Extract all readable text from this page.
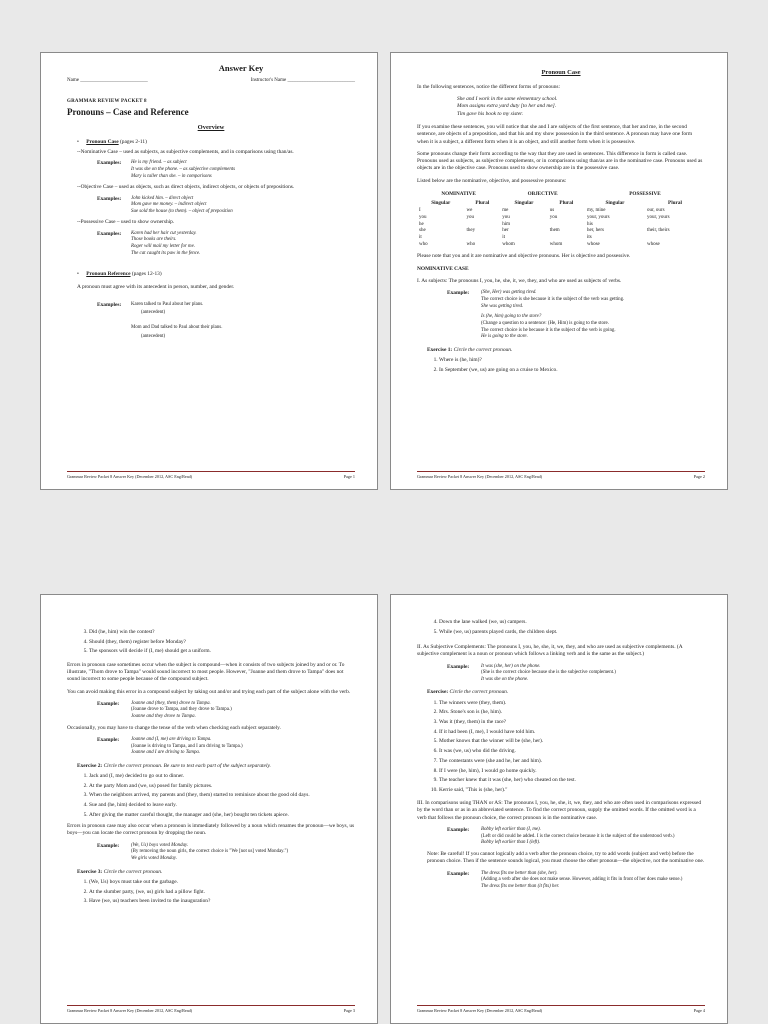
Answer Key
Name ___________________________	Instructor's Name ___________________________
GRAMMAR REVIEW PACKET 8
Pronouns – Case and Reference
Overview
• Pronoun Case (pages 2-11)
--Nominative Case – used as subjects, as subjective complements, and in comparisons using than/as.
Examples:	He is my friend. – as subject
It was she on the phone. – as subjective complements
Mary is taller than she. – in comparisons
--Objective Case – used as objects, such as direct objects, indirect objects, or objects of prepositions.
Examples:	John kicked him. – direct object
Mom gave me money. – indirect object
Sue sold the house (to them). – object of preposition
--Possessive Case – used to show ownership.
Examples:	Karen had her hair cut yesterday.
Those books are theirs.
Roger will mail my letter for me.
The cat caught its paw in the fence.
• Pronoun Reference (pages 12-13)

A pronoun must agree with its antecedent in person, number, and gender.

Examples:	Karen talked to Paul about her plans.
(antecedent)
Mom and Dad talked to Paul about their plans.
(antecedent)
Grammar Review Packet 8 Answer Key (December 2012, ASC Eng/Read)	Page 1
Pronoun Case

In the following sentences, notice the different forms of pronouns:

She and I work in the same elementary school.
Mom assigns extra yard duty [to her and me].
Tim gave his book to my sister.

If you examine these sentences, you will notice that she and I are subjects of the first sentence, that her and me, in the second sentence, are objects of a preposition, and that his and my show possession in the third sentence. A pronoun may have one form when it is a subject, a different form when it is an object, and still another form when it is possessive.

Some pronouns change their form according to the way that they are used in sentences. This difference in form is called case. Pronouns used as subjects, as subjective complements, or in comparisons using than/as are in the nominative case. Pronouns used as objects are in the objective case. Pronouns used to show ownership are in the possessive case.

Listed below are the nominative, objective, and possessive pronouns:

NOMINATIVE		OBJECTIVE		POSSESSIVE	
Singular	Plural	Singular	Plural	Singular	Plural
I	we	me	us	my, mine	our, ours
you	you	you	you	your, yours	your, yours
he		him		his	
she	they	her	them	her, hers	their, theirs
it		it		its	
who	who	whom	whom	whose	whose

Please note that you and it are nominative and objective pronouns. Her is objective and possessive.

NOMINATIVE CASE

I. As subjects: The pronouns I, you, he, she, it, we, they, and who are used as subjects of verbs.

Example:	(She, Her) was getting tired.
The correct choice is she because it is the subject of the verb was getting.
She was getting tired.
Is (he, him) going to the store?
(Change a question to a sentence: (He, Him) is going to the store.
The correct choice is he because it is the subject of the verb is going.
He is going to the store.
Exercise 1: Circle the correct pronoun.
1. Where is (he, him)?
2. In September (we, us) are going on a cruise to Mexico.
Grammar Review Packet 8 Answer Key (December 2012, ASC Eng/Read)	Page 2
3. Did (he, him) win the contest?
4. Should (they, them) register before Monday?
5. The sponsors will decide if (I, me) should get a uniform.

Errors in pronoun case sometimes occur when the subject is compound—when it consists of two subjects joined by and or or. To illustrate, "Thom drove to Tampa" would sound incorrect to most people. However, "Joanne and them drove to Tampa" does not sound incorrect to some people because of the compound subject.

You can avoid making this error in a compound subject by taking out and/or and trying each part of the subject alone with the verb.

Example:	Joanne and (they, them) drove to Tampa.
(Joanne drove to Tampa, and they drove to Tampa.)
Joanne and they drove to Tampa.

Occasionally, you may have to change the tense of the verb when checking each subject separately.

Example:	Joanne and (I, me) are driving to Tampa.
(Joanne is driving to Tampa, and I am driving to Tampa.)
Joanne and I are driving to Tampa.
Exercise 2: Circle the correct pronoun. Be sure to test each part of the subject separately.
1. Jack and (I, me) decided to go out to dinner.
2. At the party Mom and (we, us) posed for family pictures.
3. When the neighbors arrived, my parents and (they, them) started to reminisce about the good old days.
4. Sue and (he, him) decided to leave early.
5. After giving the matter careful thought, the manager and (she, her) bought ten tickets apiece.

Errors in pronoun case may also occur when a pronoun is immediately followed by a noun which renames the pronoun—we boys, us boys—you can locate the correct pronoun by dropping the noun.

Example:	(We, Us) boys voted Monday.
(By removing the noun girls, the correct choice is "We [not us] voted Monday.")
We girls voted Monday.
Exercise 3: Circle the correct pronoun.
1. (We, Us) boys must take out the garbage.
2. At the slumber party, (we, us) girls had a pillow fight.
3. Have (we, us) teachers been invited to the inauguration?
Grammar Review Packet 8 Answer Key (December 2012, ASC Eng/Read)	Page 3
4. Down the lane walked (we, us) campers.
5. While (we, us) parents played cards, the children slept.

II. As Subjective Complements: The pronouns I, you, he, she, it, we, they, and who are used as subjective complements. (A subjective complement is a noun or pronoun which follows a linking verb and is the same as the subject.)

Example:	It was (she, her) on the phone.
(She is the correct choice because she is the subjective complement.)
It was she on the phone.
Exercise: Circle the correct pronoun.
1. The winners were (they, them).
2. Mrs. Stone's son is (he, him).
3. Was it (they, them) in the race?
4. If it had been (I, me), I would have told him.
5. Mother knows that the winner will be (she, her).
6. It was (we, us) who did the driving.
7. The contestants were (she and he, her and him).
8. If I were (he, him), I would go home quickly.
9. The teacher knew that it was (she, her) who cheated on the test.
10. Kerrie said, "This is (she, her)."

III. In comparisons using THAN or AS: The pronouns I, you, he, she, it, we, they, and who are often used in comparisons expressed by the word than or as in an abbreviated sentence. To find the correct pronoun, supply the omitted words. If the omitted word is a verb that follows the pronoun choice, the correct pronoun is in the nominative case.

Example:	Bobby left earlier than (I, me).
(Left or did could be added. I is the correct choice because it is the subject of the understood verb.)
Bobby left earlier than I (left).

Note: Be careful! If you cannot logically add a verb after the pronoun choice, try to add words (subject and verb) before the pronoun choice. Then if the sentence sounds logical, you must choose the other pronoun—the objective, not the nominative one.

Example:	The dress fits me better than (she, her).
(Adding a verb after she does not make sense. However, adding it fits in front of her does make sense.)
The dress fits me better than (it fits) her.
Grammar Review Packet 8 Answer Key (December 2012, ASC Eng/Read)	Page 4
